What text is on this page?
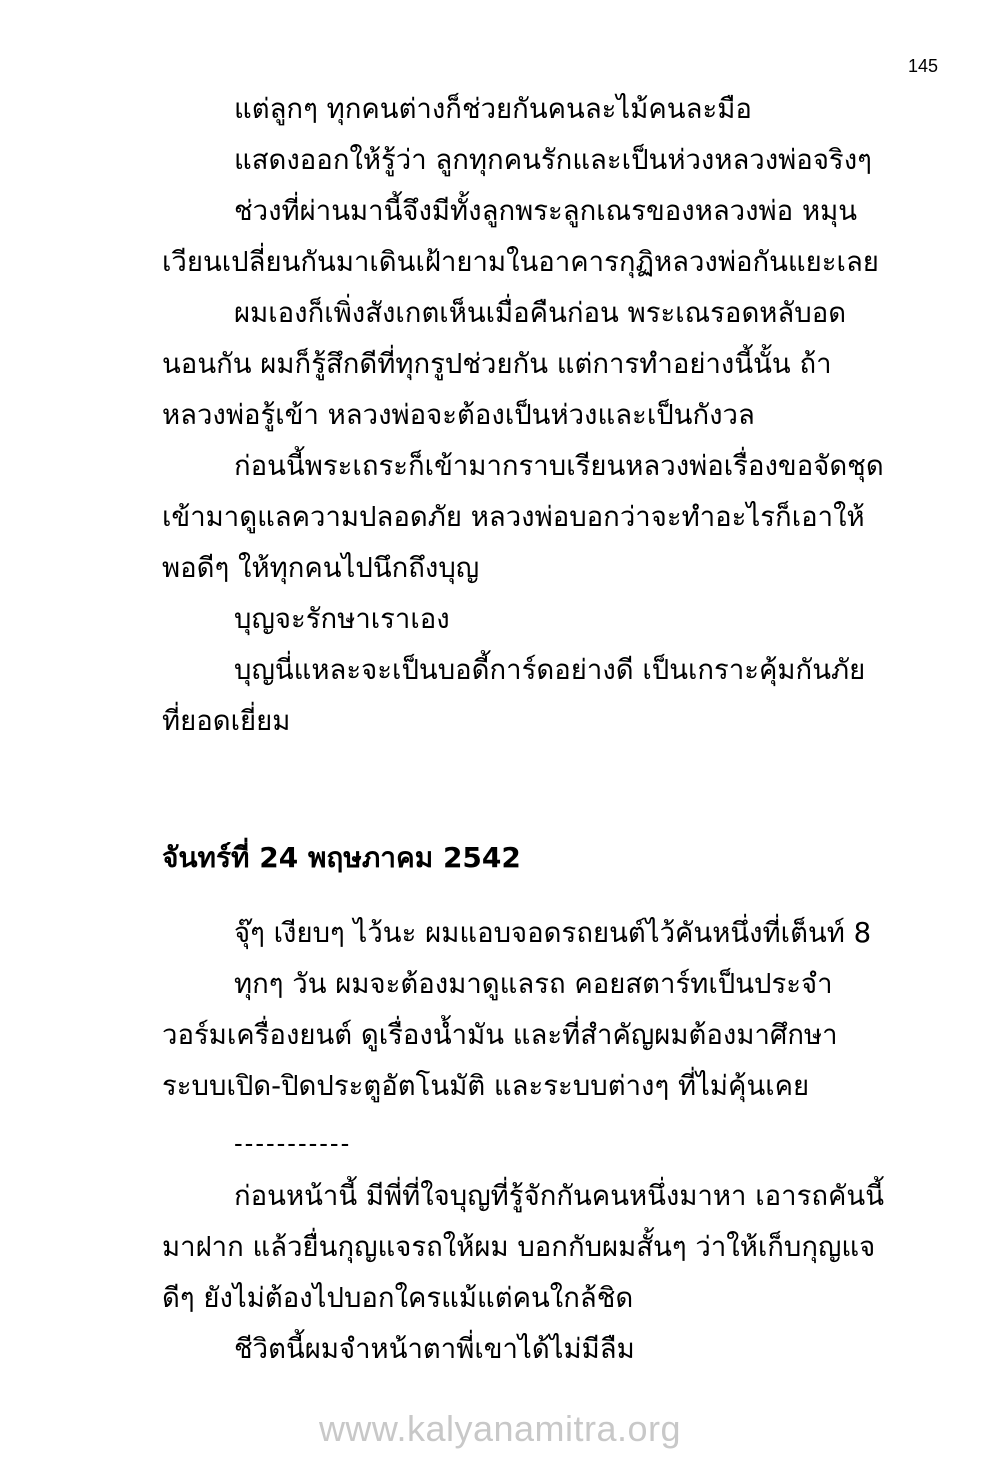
145
แต่ลูกๆ ทุกคนต่างก็ช่วยกันคนละไม้คนละมือ
แสดงออกให้รู้ว่า ลูกทุกคนรักและเป็นห่วงหลวงพ่อจริงๆ
ช่วงที่ผ่านมานี้จึงมีทั้งลูกพระลูกเณรของหลวงพ่อ หมุน
เวียนเปลี่ยนกันมาเดินเฝ้ายามในอาคารกุฏิหลวงพ่อกันแยะเลย
ผมเองก็เพิ่งสังเกตเห็นเมื่อคืนก่อน พระเณรอดหลับอด
นอนกัน ผมก็รู้สึกดีที่ทุกรูปช่วยกัน แต่การทำอย่างนี้นั้น ถ้า
หลวงพ่อรู้เข้า หลวงพ่อจะต้องเป็นห่วงและเป็นกังวล
ก่อนนี้พระเถระก็เข้ามากราบเรียนหลวงพ่อเรื่องขอจัดชุด
เข้ามาดูแลความปลอดภัย หลวงพ่อบอกว่าจะทำอะไรก็เอาให้
พอดีๆ ให้ทุกคนไปนึกถึงบุญ
บุญจะรักษาเราเอง
บุญนี่แหละจะเป็นบอดี้การ์ดอย่างดี เป็นเกราะคุ้มกันภัย
ที่ยอดเยี่ยม
จันทร์ที่ 24 พฤษภาคม 2542
จุ๊ๆ เงียบๆ ไว้นะ ผมแอบจอดรถยนต์ไว้คันหนึ่งที่เต็นท์ 8
ทุกๆ วัน ผมจะต้องมาดูแลรถ คอยสตาร์ทเป็นประจำ
วอร์มเครื่องยนต์ ดูเรื่องน้ำมัน และที่สำคัญผมต้องมาศึกษา
ระบบเปิด-ปิดประตูอัตโนมัติ และระบบต่างๆ ที่ไม่คุ้นเคย
-----------
ก่อนหน้านี้ มีพี่ที่ใจบุญที่รู้จักกันคนหนึ่งมาหา เอารถคันนี้
มาฝาก แล้วยื่นกุญแจรถให้ผม บอกกับผมสั้นๆ ว่าให้เก็บกุญแจ
ดีๆ ยังไม่ต้องไปบอกใครแม้แต่คนใกล้ชิด
ชีวิตนี้ผมจำหน้าตาพี่เขาได้ไม่มีลืม
www.kalyanamitra.org
